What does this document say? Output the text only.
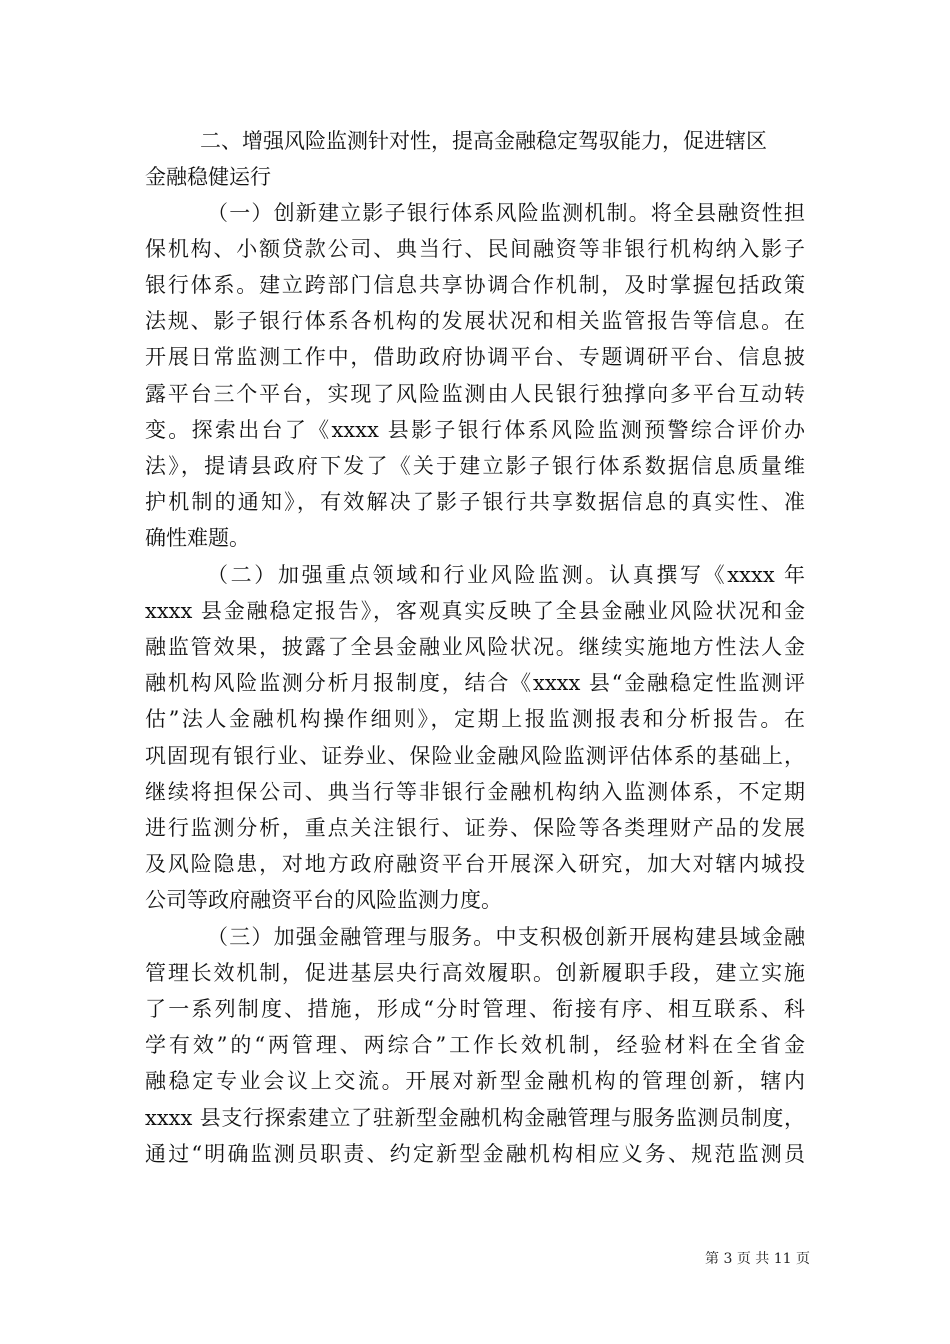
二、增强风险监测针对性，提高金融稳定驾驭能力，促进辖区
金融稳健运行
（一）创新建立影子银行体系风险监测机制。将全县融资性担
保机构、小额贷款公司、典当行、民间融资等非银行机构纳入影子
银行体系。建立跨部门信息共享协调合作机制，及时掌握包括政策
法规、影子银行体系各机构的发展状况和相关监管报告等信息。在
开展日常监测工作中，借助政府协调平台、专题调研平台、信息披
露平台三个平台，实现了风险监测由人民银行独撑向多平台互动转
变。探索出台了《xxxx 县影子银行体系风险监测预警综合评价办
法》，提请县政府下发了《关于建立影子银行体系数据信息质量维
护机制的通知》，有效解决了影子银行共享数据信息的真实性、准
确性难题。
（二）加强重点领域和行业风险监测。认真撰写《xxxx 年
xxxx 县金融稳定报告》，客观真实反映了全县金融业风险状况和金
融监管效果，披露了全县金融业风险状况。继续实施地方性法人金
融机构风险监测分析月报制度，结合《xxxx 县“金融稳定性监测评
估”法人金融机构操作细则》，定期上报监测报表和分析报告。在
巩固现有银行业、证券业、保险业金融风险监测评估体系的基础上，
继续将担保公司、典当行等非银行金融机构纳入监测体系，不定期
进行监测分析，重点关注银行、证券、保险等各类理财产品的发展
及风险隐患，对地方政府融资平台开展深入研究，加大对辖内城投
公司等政府融资平台的风险监测力度。
（三）加强金融管理与服务。中支积极创新开展构建县域金融
管理长效机制，促进基层央行高效履职。创新履职手段，建立实施
了一系列制度、措施，形成“分时管理、衔接有序、相互联系、科
学有效”的“两管理、两综合”工作长效机制，经验材料在全省金
融稳定专业会议上交流。开展对新型金融机构的管理创新，辖内
xxxx 县支行探索建立了驻新型金融机构金融管理与服务监测员制度，
通过“明确监测员职责、约定新型金融机构相应义务、规范监测员
第 3 页 共 11 页
